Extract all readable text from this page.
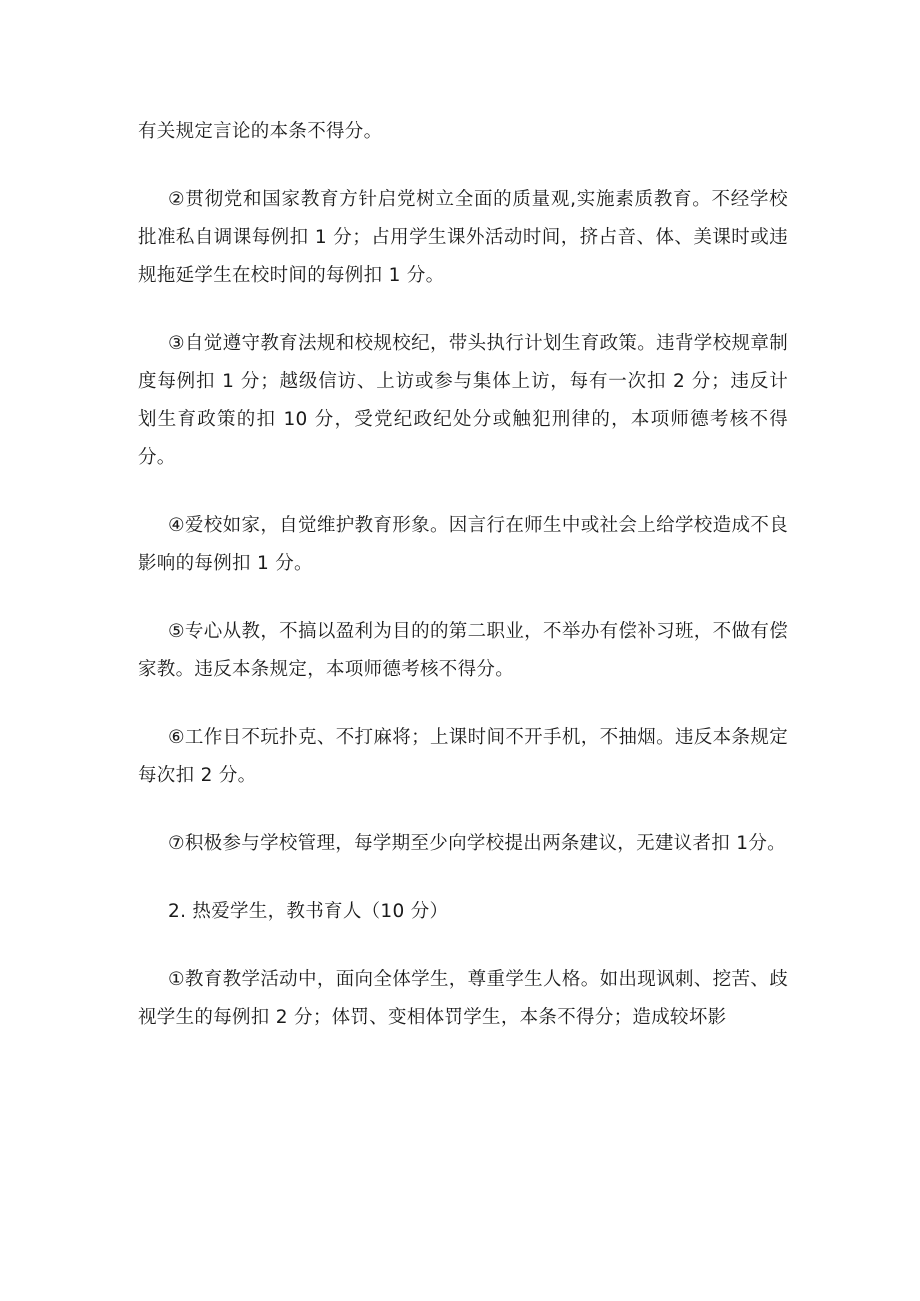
有关规定言论的本条不得分。

②贯彻党和国家教育方针启党树立全面的质量观,实施素质教育。不经学校批准私自调课每例扣 1 分；占用学生课外活动时间，挤占音、体、美课时或违规拖延学生在校时间的每例扣 1 分。

③自觉遵守教育法规和校规校纪，带头执行计划生育政策。违背学校规章制度每例扣 1 分；越级信访、上访或参与集体上访，每有一次扣 2 分；违反计划生育政策的扣 10 分，受党纪政纪处分或触犯刑律的，本项师德考核不得分。

④爱校如家，自觉维护教育形象。因言行在师生中或社会上给学校造成不良影响的每例扣 1 分。

⑤专心从教，不搞以盈利为目的的第二职业，不举办有偿补习班，不做有偿家教。违反本条规定，本项师德考核不得分。

⑥工作日不玩扑克、不打麻将；上课时间不开手机，不抽烟。违反本条规定每次扣 2 分。

⑦积极参与学校管理，每学期至少向学校提出两条建议，无建议者扣 1分。

2. 热爱学生，教书育人（10 分）

①教育教学活动中，面向全体学生，尊重学生人格。如出现讽刺、挖苦、歧视学生的每例扣 2 分；体罚、变相体罚学生，本条不得分；造成较坏影
